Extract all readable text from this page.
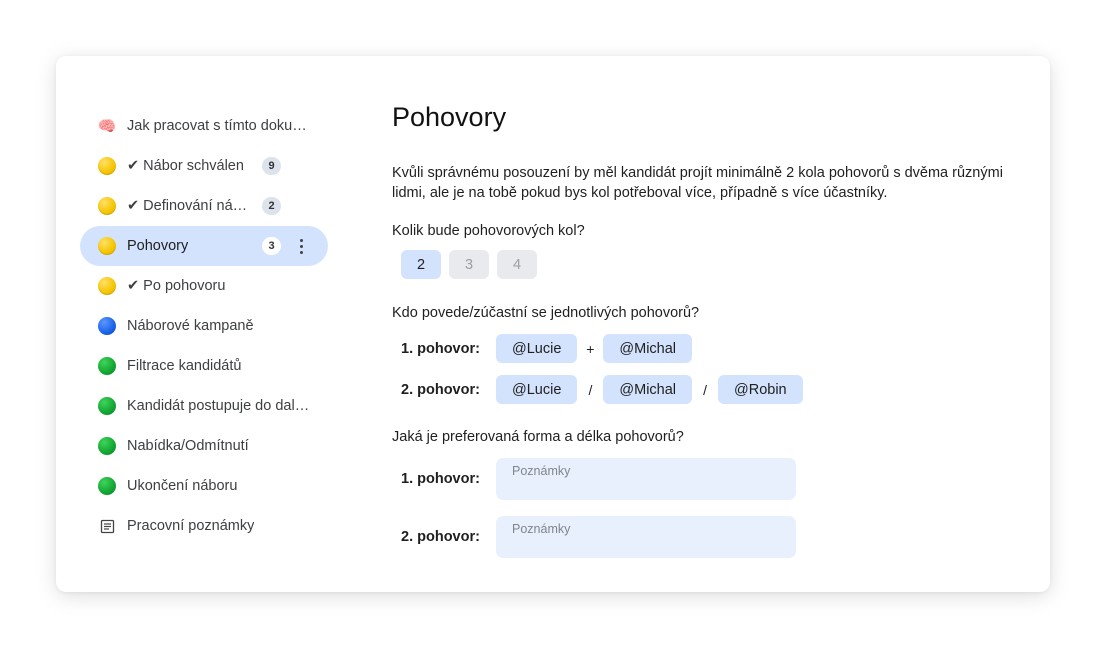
🧠 Jak pracovat s tímto doku…
✔ Nábor schválen	9
✔ Definování ná…	2
Pohovory	3
✔ Po pohovoru
Náborové kampaně
Filtrace kandidátů
Kandidát postupuje do dal…
Nabídka/Odmítnutí
Ukončení náboru
Pracovní poznámky
Pohovory

Kvůli správnému posouzení by měl kandidát projít minimálně 2 kola pohovorů s dvěma různými lidmi, ale je na tobě pokud bys kol potřeboval více, případně s více účastníky.

Kolik bude pohovorových kol?
2	3	4
Kdo povede/zúčastní se jednotlivých pohovorů?
1. pohovor:	@Lucie	+	@Michal
2. pohovor:	@Lucie	/	@Michal	/	@Robin
Jaká je preferovaná forma a délka pohovorů?
1. pohovor:
Poznámky
2. pohovor:
Poznámky
